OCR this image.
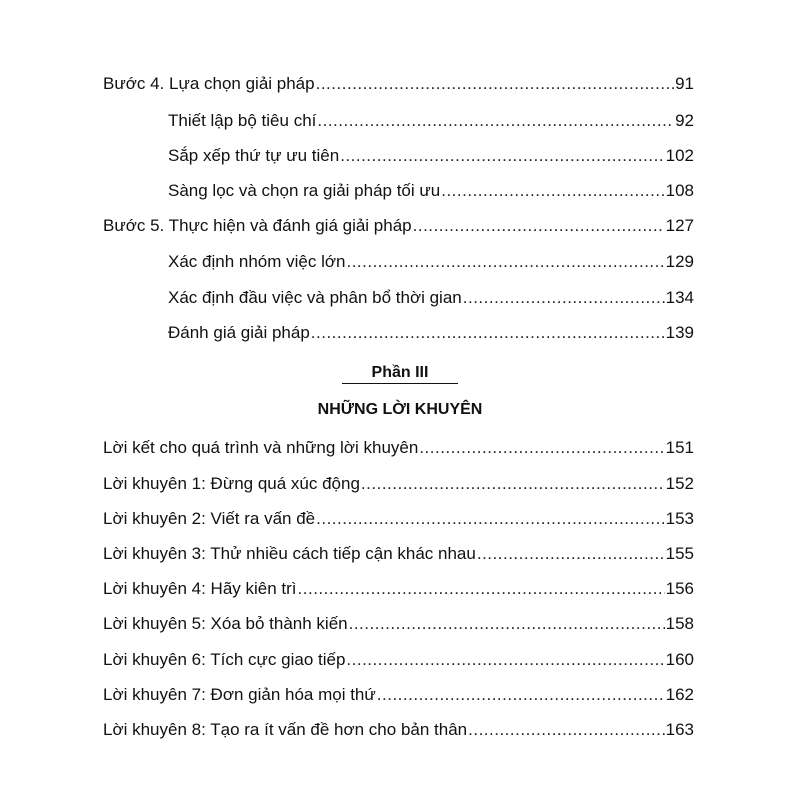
Bước 4. Lựa chọn giải pháp .....	91
Thiết lập bộ tiêu chí .....	92
Sắp xếp thứ tự ưu tiên .....	102
Sàng lọc và chọn ra giải pháp tối ưu .....	108
Bước 5. Thực hiện và đánh giá giải pháp .....	127
Xác định nhóm việc lớn .....	129
Xác định đầu việc và phân bổ thời gian .....	134
Đánh giá giải pháp .....	139
Phần III
NHỮNG LỜI KHUYÊN
Lời kết cho quá trình và những lời khuyên .....	151
Lời khuyên 1: Đừng quá xúc động .....	152
Lời khuyên 2: Viết ra vấn đề .....	153
Lời khuyên 3: Thử nhiều cách tiếp cận khác nhau .....	155
Lời khuyên 4: Hãy kiên trì .....	156
Lời khuyên 5: Xóa bỏ thành kiến .....	158
Lời khuyên 6: Tích cực giao tiếp .....	160
Lời khuyên 7: Đơn giản hóa mọi thứ .....	162
Lời khuyên 8: Tạo ra ít vấn đề hơn cho bản thân .....	163
